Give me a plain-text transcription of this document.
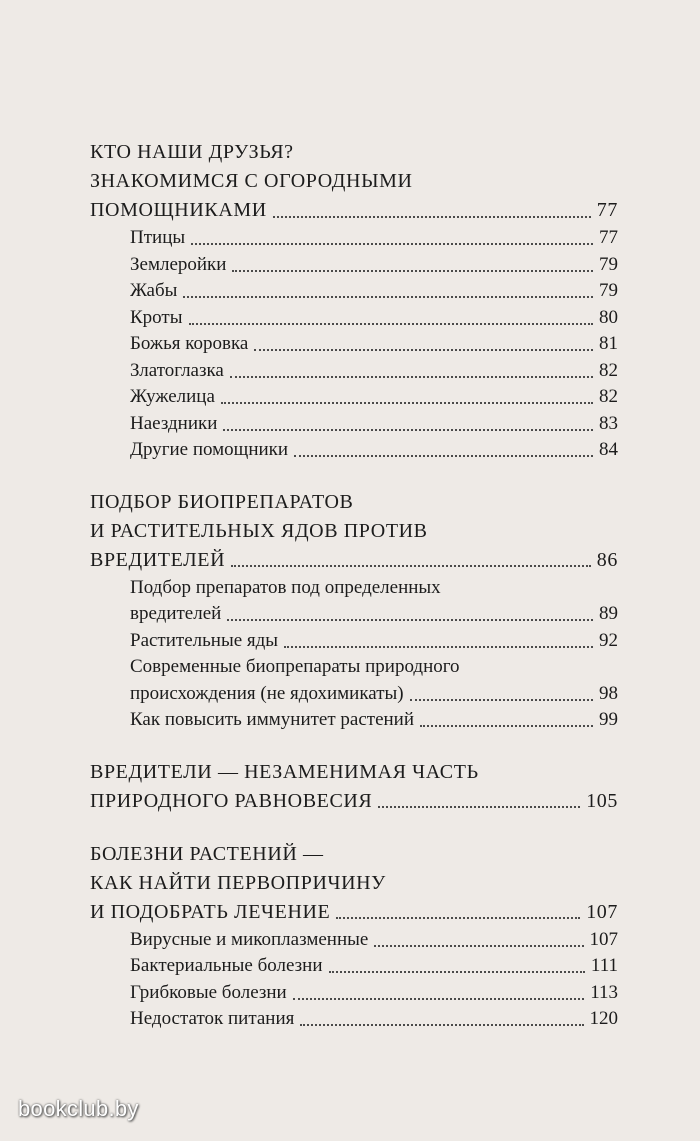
КТО НАШИ ДРУЗЬЯ?
ЗНАКОМИМСЯ С ОГОРОДНЫМИ
ПОМОЩНИКАМИ	77
Птицы	77
Землеройки	79
Жабы	79
Кроты	80
Божья коровка	81
Златоглазка	82
Жужелица	82
Наездники	83
Другие помощники	84
ПОДБОР БИОПРЕПАРАТОВ
И РАСТИТЕЛЬНЫХ ЯДОВ ПРОТИВ
ВРЕДИТЕЛЕЙ	86
Подбор препаратов под определенных
вредителей	89
Растительные яды	92
Современные биопрепараты природного
происхождения (не ядохимикаты)	98
Как повысить иммунитет растений	99
ВРЕДИТЕЛИ — НЕЗАМЕНИМАЯ ЧАСТЬ
ПРИРОДНОГО РАВНОВЕСИЯ	105
БОЛЕЗНИ РАСТЕНИЙ —
КАК НАЙТИ ПЕРВОПРИЧИНУ
И ПОДОБРАТЬ ЛЕЧЕНИЕ	107
Вирусные и микоплазменные	107
Бактериальные болезни	111
Грибковые болезни	113
Недостаток питания	120
bookclub.by
